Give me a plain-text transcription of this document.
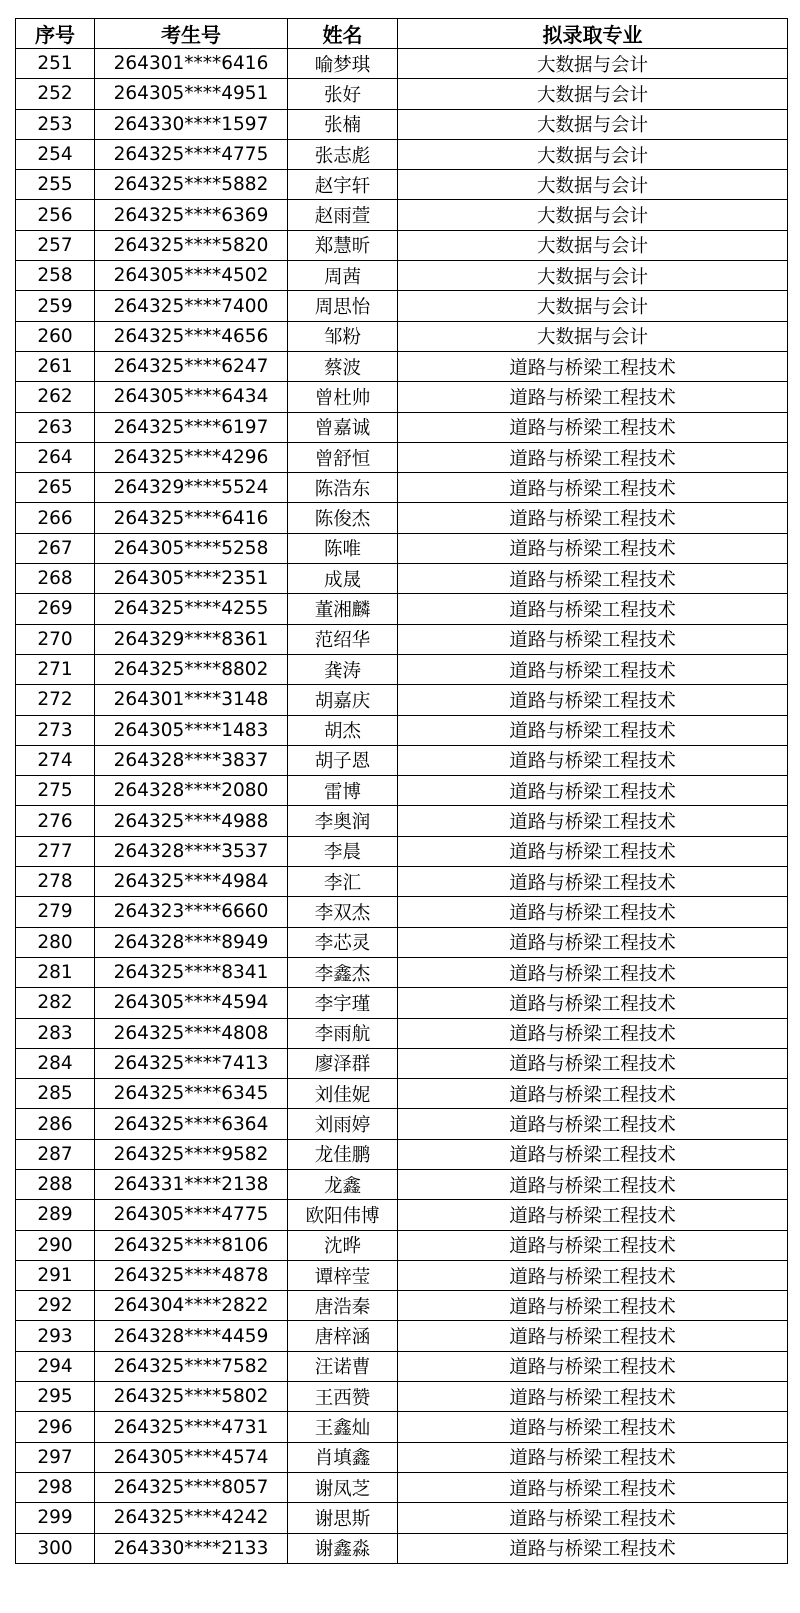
序号	考生号	姓名	拟录取专业
251	264301****6416	喻梦琪	大数据与会计
252	264305****4951	张好	大数据与会计
253	264330****1597	张楠	大数据与会计
254	264325****4775	张志彪	大数据与会计
255	264325****5882	赵宇轩	大数据与会计
256	264325****6369	赵雨萱	大数据与会计
257	264325****5820	郑慧昕	大数据与会计
258	264305****4502	周茜	大数据与会计
259	264325****7400	周思怡	大数据与会计
260	264325****4656	邹粉	大数据与会计
261	264325****6247	蔡波	道路与桥梁工程技术
262	264305****6434	曾杜帅	道路与桥梁工程技术
263	264325****6197	曾嘉诚	道路与桥梁工程技术
264	264325****4296	曾舒恒	道路与桥梁工程技术
265	264329****5524	陈浩东	道路与桥梁工程技术
266	264325****6416	陈俊杰	道路与桥梁工程技术
267	264305****5258	陈唯	道路与桥梁工程技术
268	264305****2351	成晟	道路与桥梁工程技术
269	264325****4255	董湘麟	道路与桥梁工程技术
270	264329****8361	范绍华	道路与桥梁工程技术
271	264325****8802	龚涛	道路与桥梁工程技术
272	264301****3148	胡嘉庆	道路与桥梁工程技术
273	264305****1483	胡杰	道路与桥梁工程技术
274	264328****3837	胡子恩	道路与桥梁工程技术
275	264328****2080	雷博	道路与桥梁工程技术
276	264325****4988	李奥润	道路与桥梁工程技术
277	264328****3537	李晨	道路与桥梁工程技术
278	264325****4984	李汇	道路与桥梁工程技术
279	264323****6660	李双杰	道路与桥梁工程技术
280	264328****8949	李芯灵	道路与桥梁工程技术
281	264325****8341	李鑫杰	道路与桥梁工程技术
282	264305****4594	李宇瑾	道路与桥梁工程技术
283	264325****4808	李雨航	道路与桥梁工程技术
284	264325****7413	廖泽群	道路与桥梁工程技术
285	264325****6345	刘佳妮	道路与桥梁工程技术
286	264325****6364	刘雨婷	道路与桥梁工程技术
287	264325****9582	龙佳鹏	道路与桥梁工程技术
288	264331****2138	龙鑫	道路与桥梁工程技术
289	264305****4775	欧阳伟博	道路与桥梁工程技术
290	264325****8106	沈晔	道路与桥梁工程技术
291	264325****4878	谭梓莹	道路与桥梁工程技术
292	264304****2822	唐浩秦	道路与桥梁工程技术
293	264328****4459	唐梓涵	道路与桥梁工程技术
294	264325****7582	汪诺曹	道路与桥梁工程技术
295	264325****5802	王西赞	道路与桥梁工程技术
296	264325****4731	王鑫灿	道路与桥梁工程技术
297	264305****4574	肖填鑫	道路与桥梁工程技术
298	264325****8057	谢凤芝	道路与桥梁工程技术
299	264325****4242	谢思斯	道路与桥梁工程技术
300	264330****2133	谢鑫淼	道路与桥梁工程技术
